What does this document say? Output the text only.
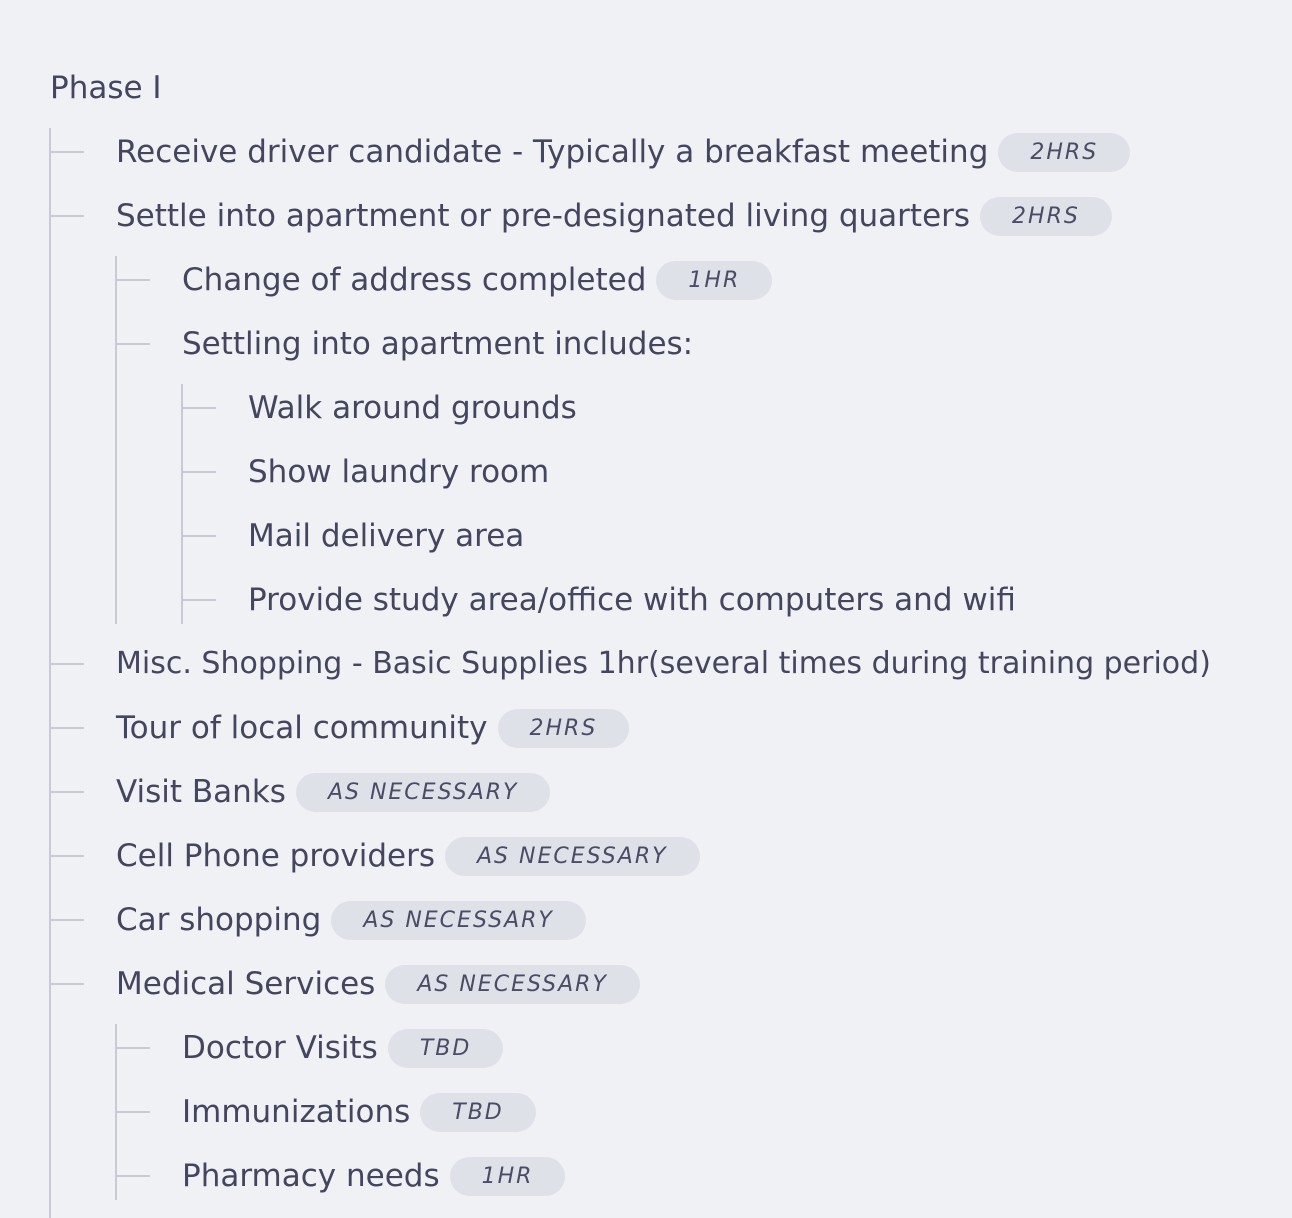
Phase I
Receive driver candidate - Typically a breakfast meeting	2HRS
Settle into apartment or pre-designated living quarters	2HRS
Change of address completed	1HR
Settling into apartment includes:
Walk around grounds
Show laundry room
Mail delivery area
Provide study area/office with computers and wifi
Misc. Shopping - Basic Supplies 1hr(several times during training period)
Tour of local community	2HRS
Visit Banks	AS NECESSARY
Cell Phone providers	AS NECESSARY
Car shopping	AS NECESSARY
Medical Services	AS NECESSARY
Doctor Visits	TBD
Immunizations	TBD
Pharmacy needs	1HR
